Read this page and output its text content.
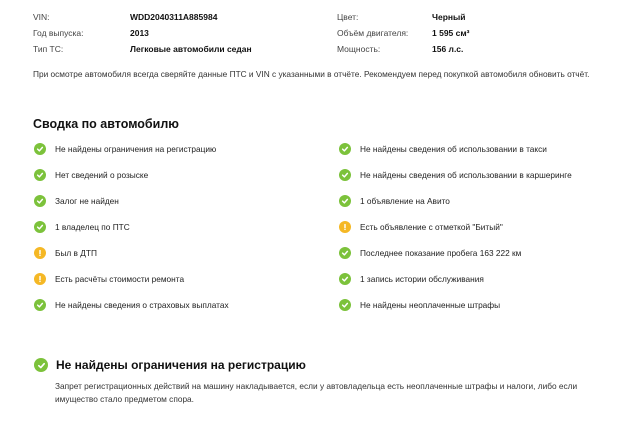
VIN:	WDD2040311A885984	Цвет:	Черный
Год выпуска:	2013	Объём двигателя:	1 595 см³
Тип ТС:	Легковые автомобили седан	Мощность:	156 л.с.
При осмотре автомобиля всегда сверяйте данные ПТС и VIN с указанными в отчёте. Рекомендуем перед покупкой автомобиля обновить отчёт.
Сводка по автомобилю
Не найдены ограничения на регистрацию
Нет сведений о розыске
Залог не найден
1 владелец по ПТС
Был в ДТП
Есть расчёты стоимости ремонта
Не найдены сведения о страховых выплатах
Не найдены сведения об использовании в такси
Не найдены сведения об использовании в каршеринге
1 объявление на Авито
Есть объявление с отметкой "Битый"
Последнее показание пробега 163 222 км
1 запись истории обслуживания
Не найдены неоплаченные штрафы
Не найдены ограничения на регистрацию
Запрет регистрационных действий на машину накладывается, если у автовладельца есть неоплаченные штрафы и налоги, либо если имущество стало предметом спора.
